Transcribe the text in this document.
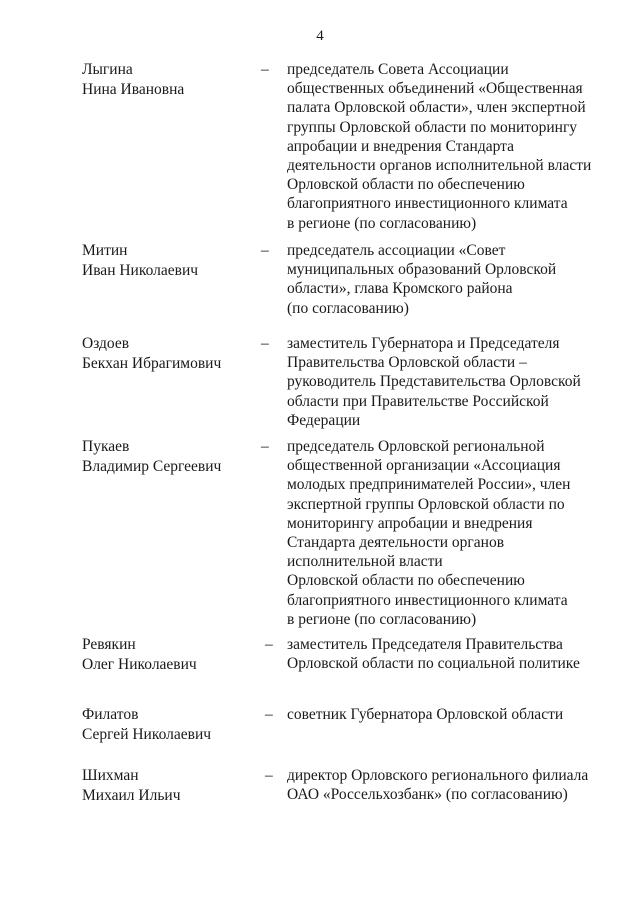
4
Лыгина
Нина Ивановна
– председатель Совета Ассоциации
общественных объединений «Общественная
палата Орловской области», член экспертной
группы Орловской области по мониторингу
апробации и внедрения Стандарта
деятельности органов исполнительной власти
Орловской области по обеспечению
благоприятного инвестиционного климата
в регионе (по согласованию)
Митин
Иван Николаевич
– председатель ассоциации «Совет
муниципальных образований Орловской
области», глава Кромского района
(по согласованию)
Оздоев
Бекхан Ибрагимович
– заместитель Губернатора и Председателя
Правительства Орловской области –
руководитель Представительства Орловской
области при Правительстве Российской
Федерации
Пукаев
Владимир Сергеевич
– председатель Орловской региональной
общественной организации «Ассоциация
молодых предпринимателей России», член
экспертной группы Орловской области по
мониторингу апробации и внедрения
Стандарта деятельности органов
исполнительной власти
Орловской области по обеспечению
благоприятного инвестиционного климата
в регионе (по согласованию)
Ревякин
Олег Николаевич
– заместитель Председателя Правительства
Орловской области по социальной политике
Филатов
Сергей Николаевич
– советник Губернатора Орловской области
Шихман
Михаил Ильич
– директор Орловского регионального филиала
ОАО «Россельхозбанк» (по согласованию)
